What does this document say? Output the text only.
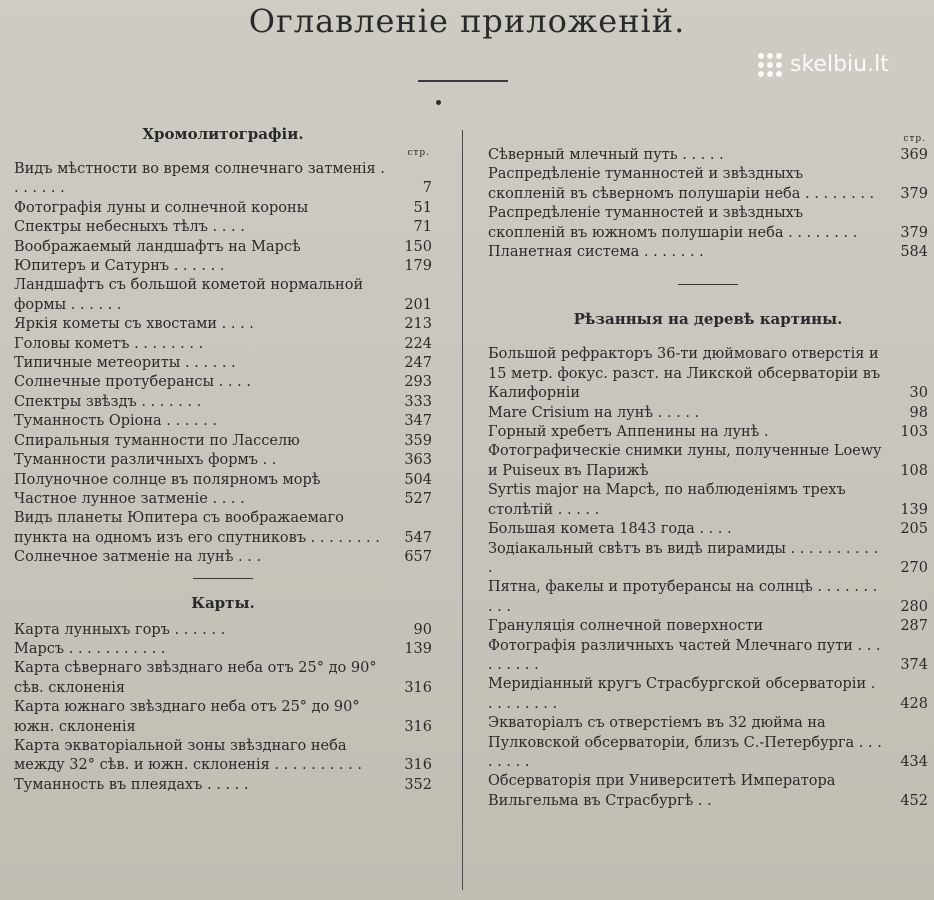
Оглавленіе приложеній.
skelbiu.lt
Хромолитографіи.
стр.
Видъ мѣстности во время солнечнаго затменія . . . . . . .	7
Фотографія луны и солнечной короны	51
Спектры небесныхъ тѣлъ . . . .	71
Воображаемый ландшафтъ на Марсѣ	150
Юпитеръ и Сатурнъ . . . . . .	179
Ландшафтъ съ большой кометой нормальной формы . . . . . .	201
Яркія кометы съ хвостами . . . .	213
Головы кометъ . . . . . . . .	224
Типичные метеориты . . . . . .	247
Солнечные протуберансы . . . .	293
Спектры звѣздъ . . . . . . .	333
Туманность Оріона . . . . . .	347
Спиральныя туманности по Ласселю	359
Туманности различныхъ формъ . .	363
Полуночное солнце въ полярномъ морѣ	504
Частное лунное затменіе . . . .	527
Видъ планеты Юпитера съ воображаемаго пункта на одномъ изъ его спутниковъ . . . . . . . .	547
Солнечное затменіе на лунѣ . . .	657
Карты.
Карта лунныхъ горъ . . . . . .	90
Марсъ . . . . . . . . . . .	139
Карта сѣвернаго звѣзднаго неба отъ 25° до 90° сѣв. склоненія	316
Карта южнаго звѣзднаго неба отъ 25° до 90° южн. склоненія	316
Карта экваторіальной зоны звѣзднаго неба между 32° сѣв. и южн. склоненія . . . . . . . . . .	316
Туманность въ плеядахъ . . . . .	352
стр.
Сѣверный млечный путь . . . . .	369
Распредѣленіе туманностей и звѣздныхъ скопленій въ сѣверномъ полушаріи неба . . . . . . . .	379
Распредѣленіе туманностей и звѣздныхъ скопленій въ южномъ полушаріи неба . . . . . . . .	379
Планетная система . . . . . . .	584
Рѣзанныя на деревѣ картины.
Большой рефракторъ 36-ти дюймоваго отверстія и 15 метр. фокус. разст. на Ликской обсерваторіи въ Калифорніи	30
Mare Crisium на лунѣ . . . . .	98
Горный хребетъ Аппенины на лунѣ .	103
Фотографическіе снимки луны, полученные Loewy и Puiseux въ Парижѣ	108
Syrtis major на Марсѣ, по наблюденіямъ трехъ столѣтій . . . . .	139
Большая комета 1843 года . . . .	205
Зодіакальный свѣтъ въ видѣ пирамиды . . . . . . . . . . .	270
Пятна, факелы и протуберансы на солнцѣ . . . . . . . . . .	280
Грануляція солнечной поверхности	287
Фотографія различныхъ частей Млечнаго пути . . . . . . . . .	374
Меридіанный кругъ Страсбургской обсерваторіи . . . . . . . . .	428
Экваторіалъ съ отверстіемъ въ 32 дюйма на Пулковской обсерваторіи, близъ С.-Петербурга . . . . . . . .	434
Обсерваторія при Университетѣ Императора Вильгельма въ Страсбургѣ . .	452
